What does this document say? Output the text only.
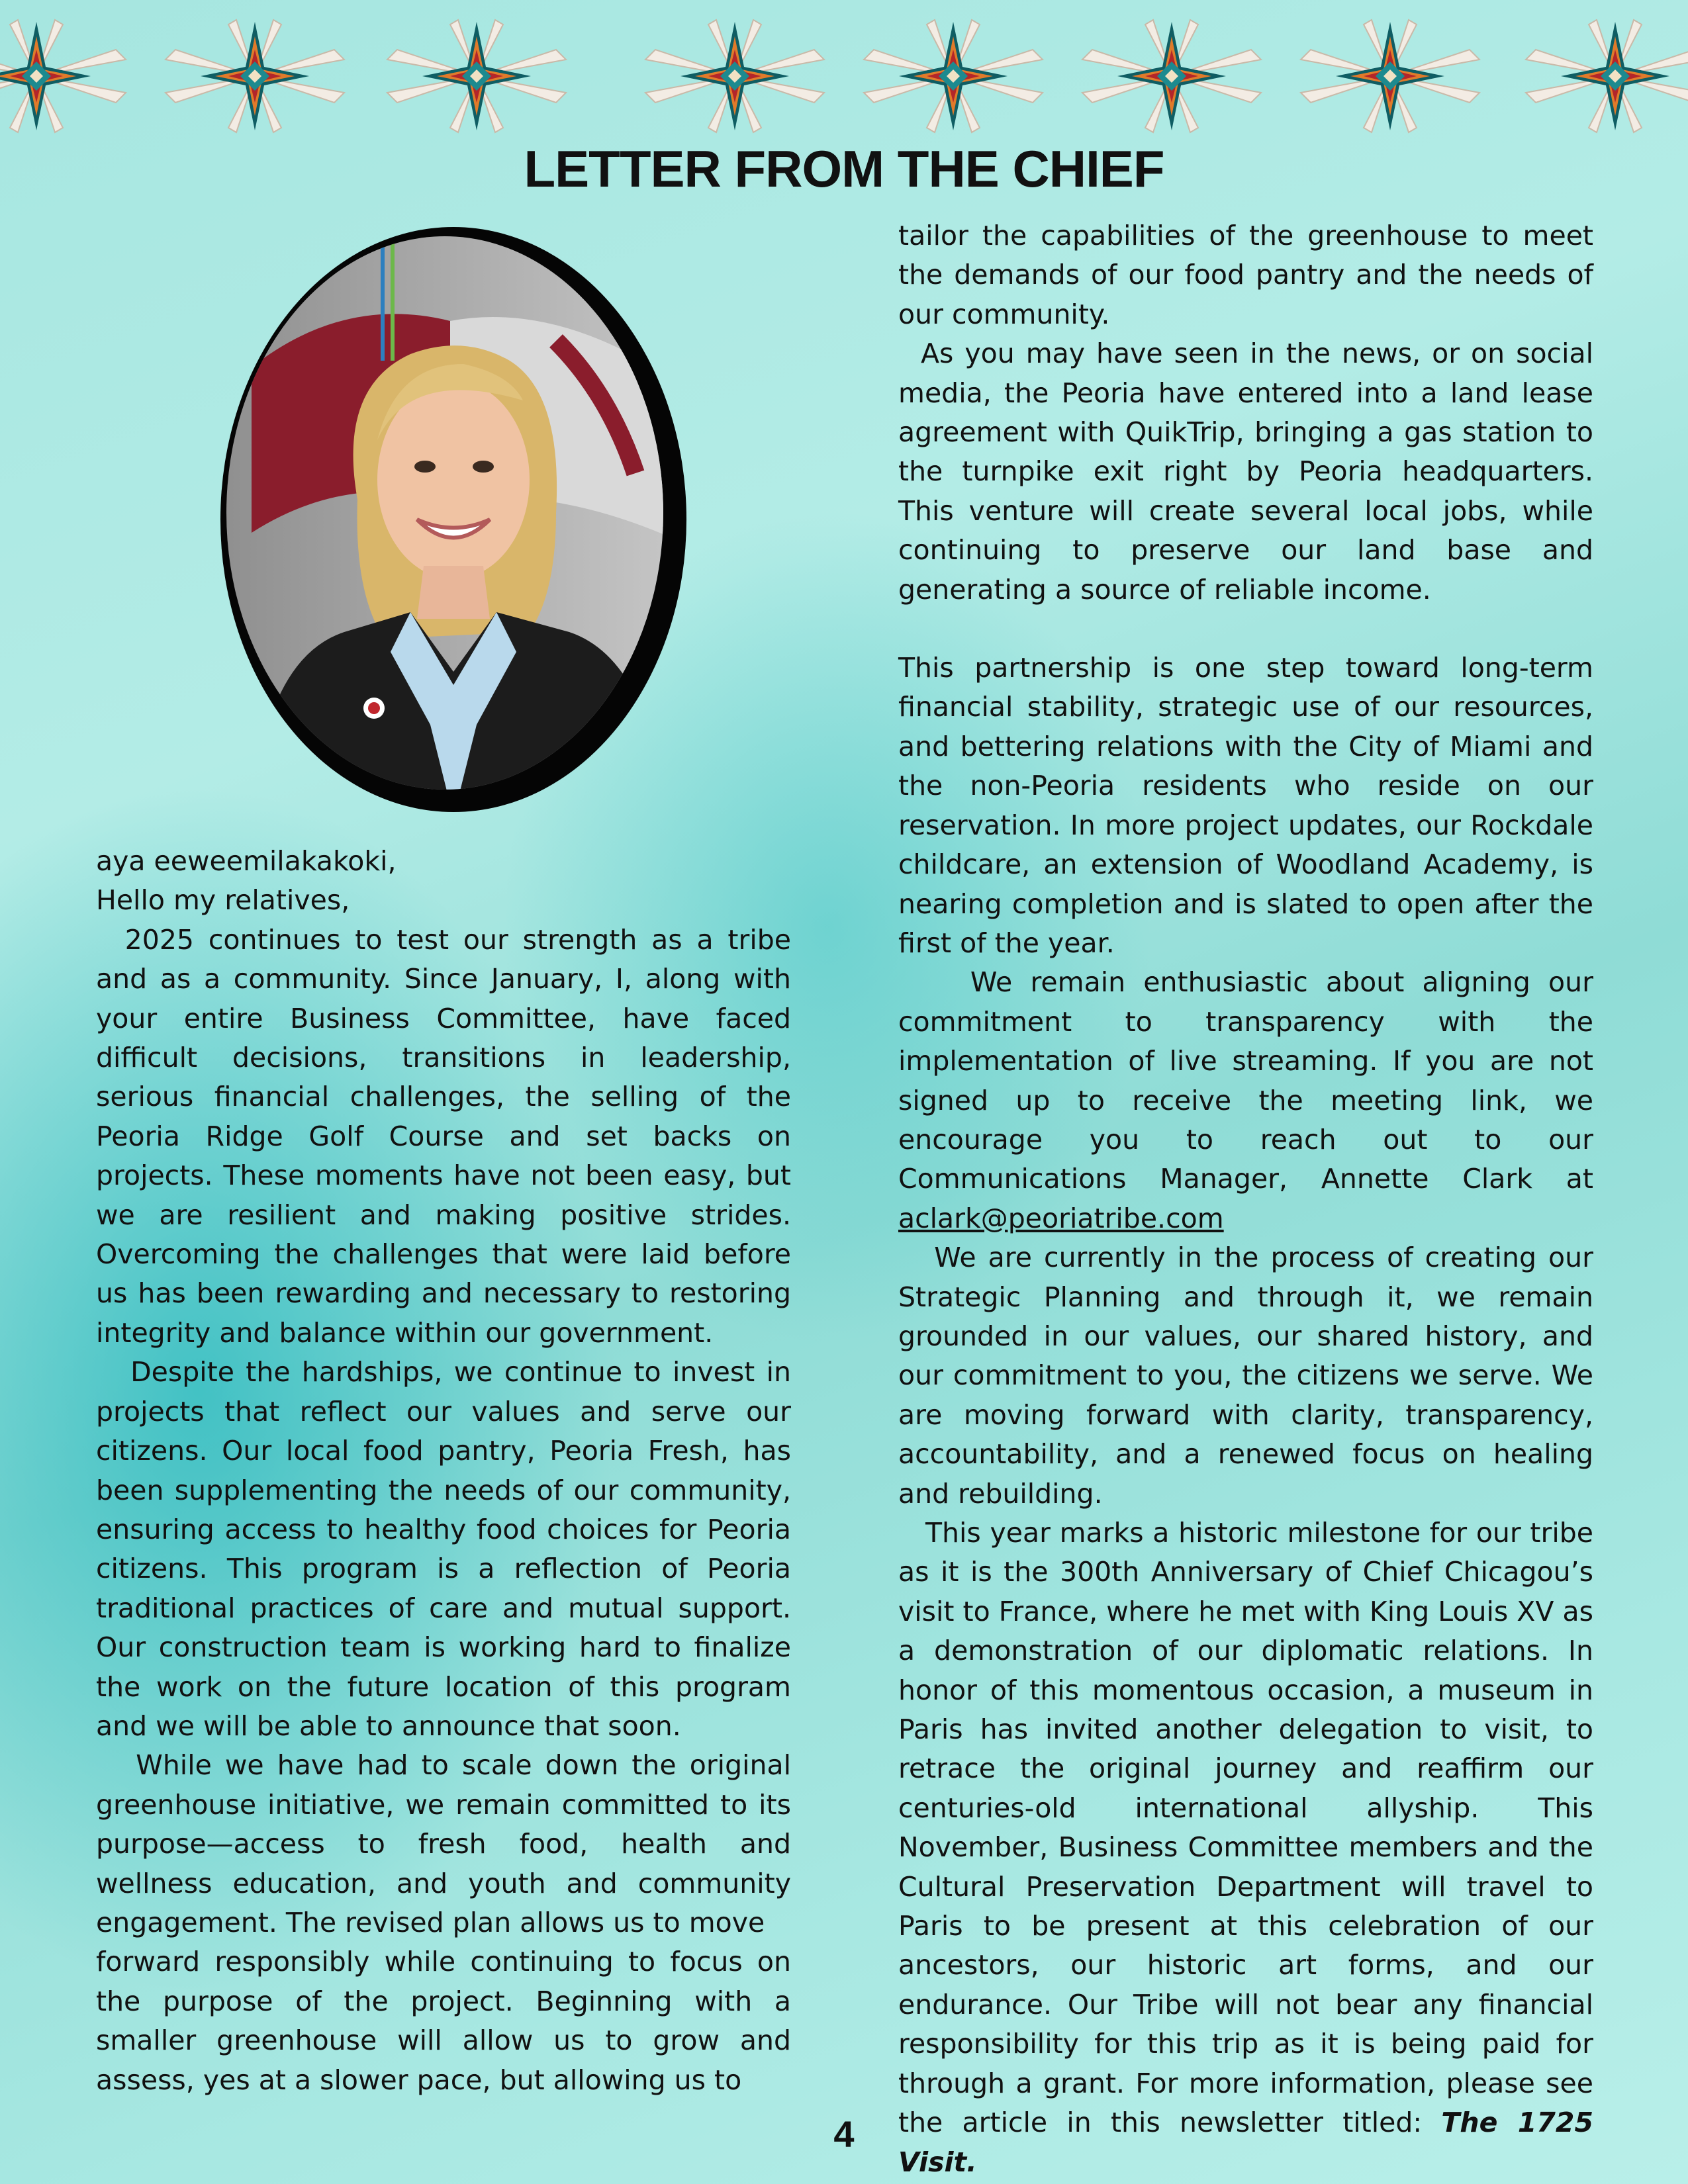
LETTER FROM THE CHIEF

aya eeweemilakakoki,

Hello my relatives,

2025 continues to test our strength as a tribe and as a community. Since January, I, along with your entire Business Committee, have faced difficult decisions, transitions in leadership, serious financial challenges, the selling of the Peoria Ridge Golf Course and set backs on projects. These moments have not been easy, but we are resilient and making positive strides. Overcoming the challenges that were laid before us has been rewarding and necessary to restoring integrity and balance within our government.

Despite the hardships, we continue to invest in projects that reflect our values and serve our citizens. Our local food pantry, Peoria Fresh, has been supplementing the needs of our community, ensuring access to healthy food choices for Peoria citizens. This program is a reflection of Peoria traditional practices of care and mutual support. Our construction team is working hard to finalize the work on the future location of this program and we will be able to announce that soon.

While we have had to scale down the original greenhouse initiative, we remain committed to its purpose—access to fresh food, health and wellness education, and youth and community engagement. The revised plan allows us to move

forward responsibly while continuing to focus on the purpose of the project. Beginning with a smaller greenhouse will allow us to grow and assess, yes at a slower pace, but allowing us to

tailor the capabilities of the greenhouse to meet the demands of our food pantry and the needs of our community.

As you may have seen in the news, or on social media, the Peoria have entered into a land lease agreement with QuikTrip, bringing a gas station to the turnpike exit right by Peoria headquarters. This venture will create several local jobs, while continuing to preserve our land base and generating a source of reliable income.

This partnership is one step toward long-term financial stability, strategic use of our resources, and bettering relations with the City of Miami and the non-Peoria residents who reside on our reservation. In more project updates, our Rockdale childcare, an extension of Woodland Academy, is nearing completion and is slated to open after the first of the year.

We remain enthusiastic about aligning our commitment to transparency with the implementation of live streaming. If you are not signed up to receive the meeting link, we encourage you to reach out to our Communications Manager, Annette Clark at aclark@peoriatribe.com

We are currently in the process of creating our Strategic Planning and through it, we remain grounded in our values, our shared history, and our commitment to you, the citizens we serve. We are moving forward with clarity, transparency, accountability, and a renewed focus on healing and rebuilding.

This year marks a historic milestone for our tribe as it is the 300th Anniversary of Chief Chicagou’s visit to France, where he met with King Louis XV as a demonstration of our diplomatic relations. In honor of this momentous occasion, a museum in Paris has invited another delegation to visit, to retrace the original journey and reaffirm our centuries-old international allyship. This November, Business Committee members and the Cultural Preservation Department will travel to Paris to be present at this celebration of our ancestors, our historic art forms, and our endurance. Our Tribe will not bear any financial responsibility for this trip as it is being paid for through a grant. For more information, please see the article in this newsletter titled: The 1725 Visit.

4
